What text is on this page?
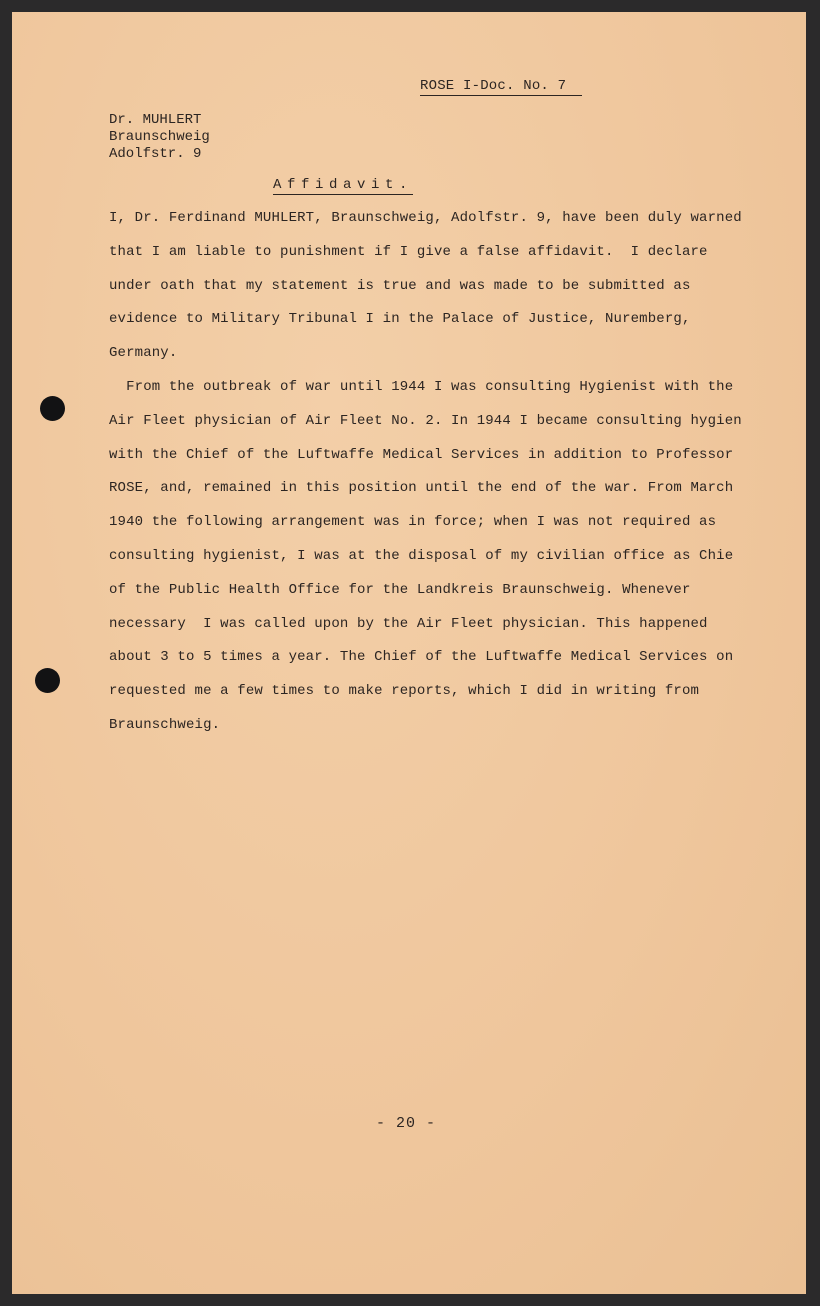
ROSE I-Doc. No. 7
Dr. MUHLERT
Braunschweig
Adolfstr. 9
Affidavit.
I, Dr. Ferdinand MUHLERT, Braunschweig, Adolfstr. 9, have been duly warned
that I am liable to punishment if I give a false affidavit.  I declare
under oath that my statement is true and was made to be submitted as
evidence to Military Tribunal I in the Palace of Justice, Nuremberg,
Germany.
From the outbreak of war until 1944 I was consulting Hygienist with the
Air Fleet physician of Air Fleet No. 2. In 1944 I became consulting hygien
with the Chief of the Luftwaffe Medical Services in addition to Professor
ROSE, and, remained in this position until the end of the war. From March
1940 the following arrangement was in force; when I was not required as
consulting hygienist, I was at the disposal of my civilian office as Chie
of the Public Health Office for the Landkreis Braunschweig. Whenever
necessary  I was called upon by the Air Fleet physician. This happened
about 3 to 5 times a year. The Chief of the Luftwaffe Medical Services on
requested me a few times to make reports, which I did in writing from
Braunschweig.
- 20 -
